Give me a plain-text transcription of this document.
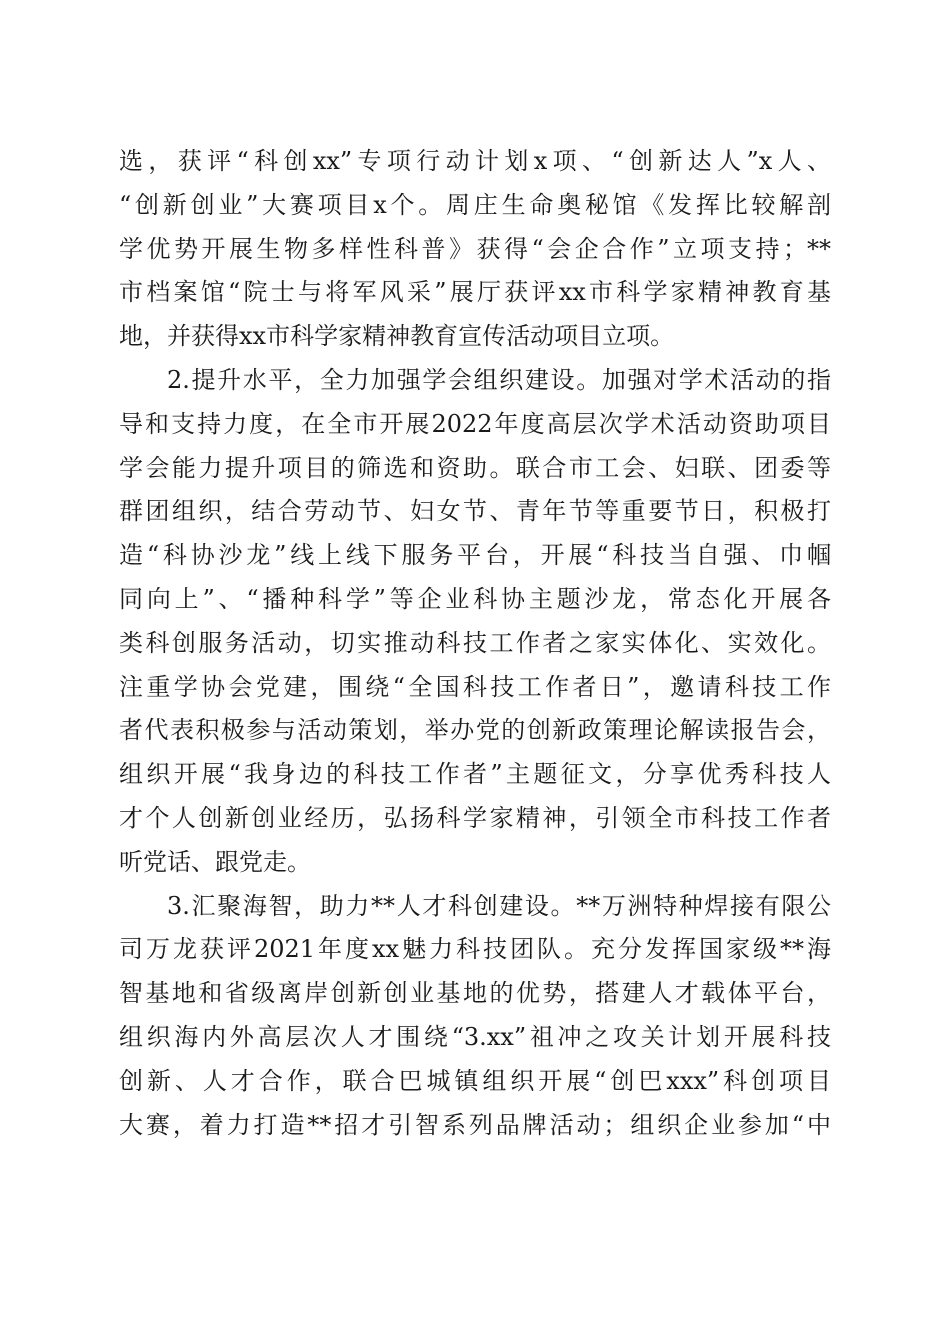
选，获评“科创xx”专项行动计划x项、“创新达人”x人、
“创新创业”大赛项目x个。周庄生命奥秘馆《发挥比较解剖
学优势开展生物多样性科普》获得“会企合作”立项支持；**
市档案馆“院士与将军风采”展厅获评xx市科学家精神教育基
地，并获得xx市科学家精神教育宣传活动项目立项。
2.提升水平，全力加强学会组织建设。加强对学术活动的指
导和支持力度，在全市开展2022年度高层次学术活动资助项目
学会能力提升项目的筛选和资助。联合市工会、妇联、团委等
群团组织，结合劳动节、妇女节、青年节等重要节日，积极打
造“科协沙龙”线上线下服务平台，开展“科技当自强、巾帼
同向上”、“播种科学”等企业科协主题沙龙，常态化开展各
类科创服务活动，切实推动科技工作者之家实体化、实效化。
注重学协会党建，围绕“全国科技工作者日”，邀请科技工作
者代表积极参与活动策划，举办党的创新政策理论解读报告会，
组织开展“我身边的科技工作者”主题征文，分享优秀科技人
才个人创新创业经历，弘扬科学家精神，引领全市科技工作者
听党话、跟党走。
3.汇聚海智，助力**人才科创建设。**万洲特种焊接有限公
司万龙获评2021年度xx魅力科技团队。充分发挥国家级**海
智基地和省级离岸创新创业基地的优势，搭建人才载体平台，
组织海内外高层次人才围绕“3.xx”祖冲之攻关计划开展科技
创新、人才合作，联合巴城镇组织开展“创巴xxx”科创项目
大赛，着力打造**招才引智系列品牌活动；组织企业参加“中
